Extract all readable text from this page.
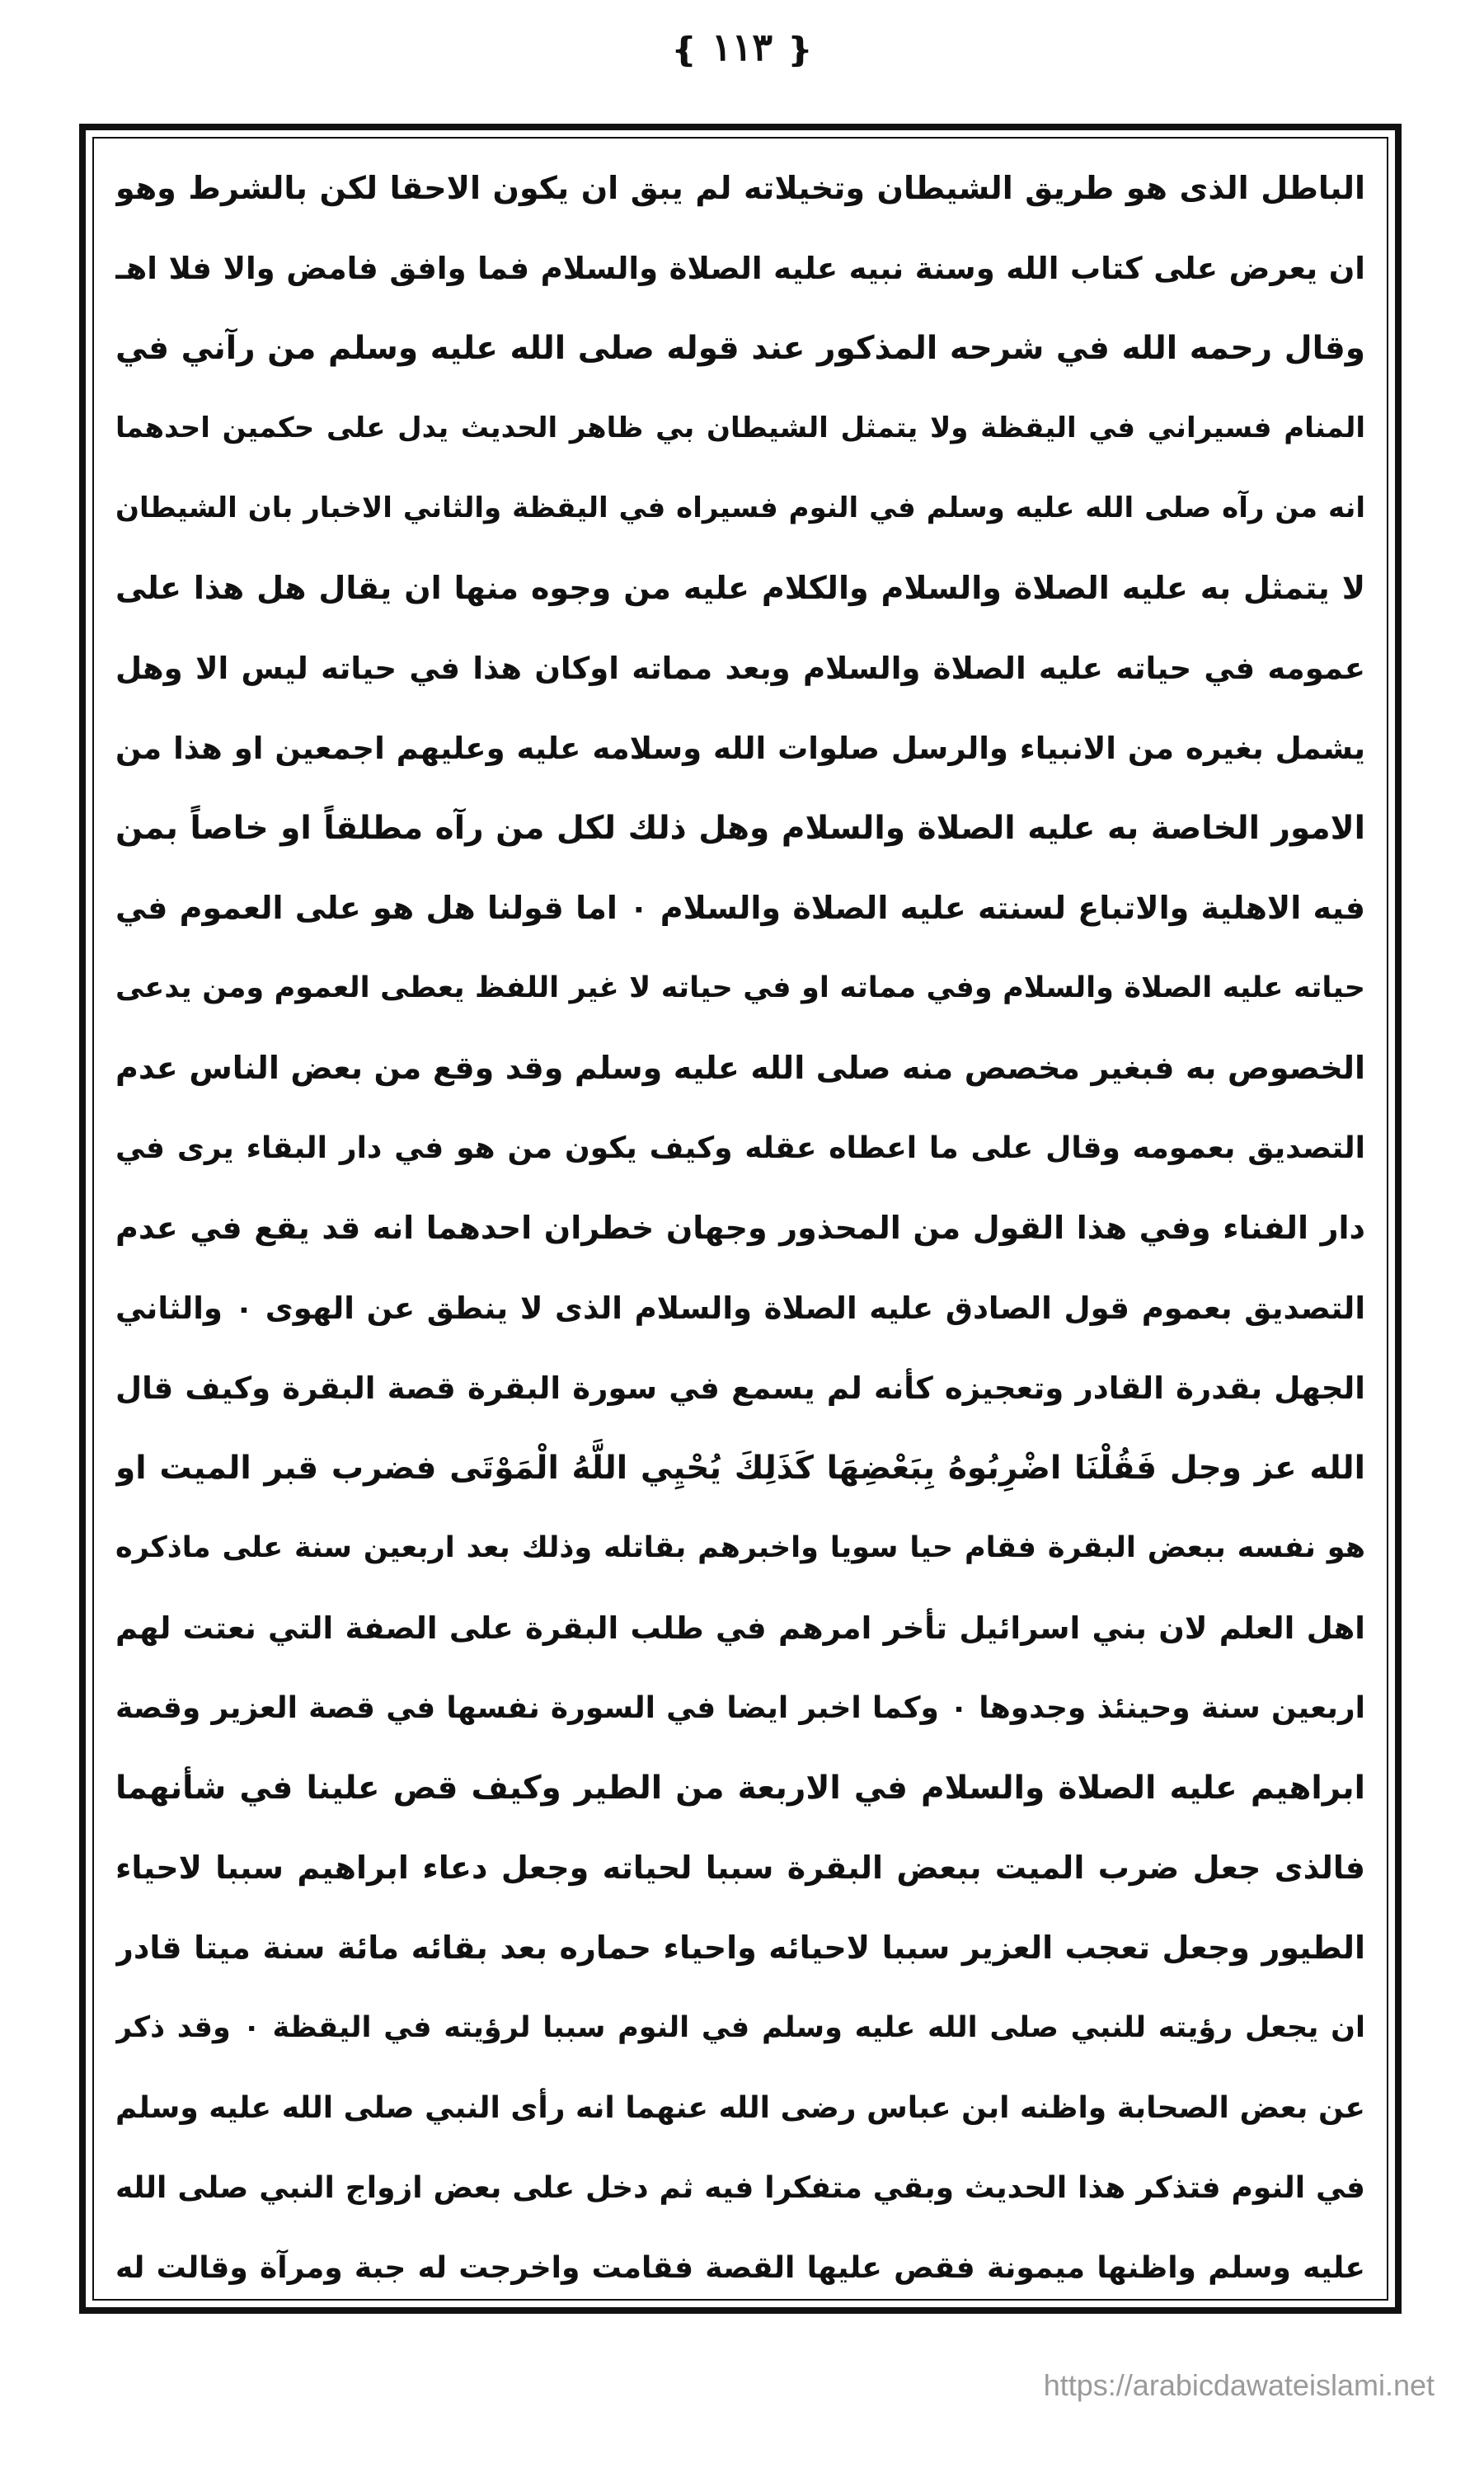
❴ ١١٣ ❵
الباطل الذى هو طريق الشيطان وتخيلاته لم يبق ان يكون الاحقا لكن بالشرط وهو
ان يعرض على كتاب الله وسنة نبيه عليه الصلاة والسلام فما وافق فامض والا فلا اهـ
وقال رحمه الله في شرحه المذكور عند قوله صلى الله عليه وسلم من رآني في
المنام فسيراني في اليقظة ولا يتمثل الشيطان بي ظاهر الحديث يدل على حكمين احدهما
انه من رآه صلى الله عليه وسلم في النوم فسيراه في اليقظة والثاني الاخبار بان الشيطان
لا يتمثل به عليه الصلاة والسلام والكلام عليه من وجوه منها ان يقال هل هذا على
عمومه في حياته عليه الصلاة والسلام وبعد مماته اوكان هذا في حياته ليس الا وهل
يشمل بغيره من الانبياء والرسل صلوات الله وسلامه عليه وعليهم اجمعين او هذا من
الامور الخاصة به عليه الصلاة والسلام وهل ذلك لكل من رآه مطلقاً او خاصاً بمن
فيه الاهلية والاتباع لسنته عليه الصلاة والسلام ٠ اما قولنا هل هو على العموم في
حياته عليه الصلاة والسلام وفي مماته او في حياته لا غير اللفظ يعطى العموم ومن يدعى
الخصوص به فبغير مخصص منه صلى الله عليه وسلم وقد وقع من بعض الناس عدم
التصديق بعمومه وقال على ما اعطاه عقله وكيف يكون من هو في دار البقاء يرى في
دار الفناء وفي هذا القول من المحذور وجهان خطران احدهما انه قد يقع في عدم
التصديق بعموم قول الصادق عليه الصلاة والسلام الذى لا ينطق عن الهوى ٠ والثاني
الجهل بقدرة القادر وتعجيزه كأنه لم يسمع في سورة البقرة قصة البقرة وكيف قال
الله عز وجل فَقُلْنَا اضْرِبُوهُ بِبَعْضِهَا كَذَلِكَ يُحْيِي اللَّهُ الْمَوْتَى فضرب قبر الميت او
هو نفسه ببعض البقرة فقام حيا سويا واخبرهم بقاتله وذلك بعد اربعين سنة على ماذكره
اهل العلم لان بني اسرائيل تأخر امرهم في طلب البقرة على الصفة التي نعتت لهم
اربعين سنة وحينئذ وجدوها ٠ وكما اخبر ايضا في السورة نفسها في قصة العزير وقصة
ابراهيم عليه الصلاة والسلام في الاربعة من الطير وكيف قص علينا في شأنهما
فالذى جعل ضرب الميت ببعض البقرة سببا لحياته وجعل دعاء ابراهيم سببا لاحياء
الطيور وجعل تعجب العزير سببا لاحيائه واحياء حماره بعد بقائه مائة سنة ميتا قادر
ان يجعل رؤيته للنبي صلى الله عليه وسلم في النوم سببا لرؤيته في اليقظة ٠ وقد ذكر
عن بعض الصحابة واظنه ابن عباس رضى الله عنهما انه رأى النبي صلى الله عليه وسلم
في النوم فتذكر هذا الحديث وبقي متفكرا فيه ثم دخل على بعض ازواج النبي صلى الله
عليه وسلم واظنها ميمونة فقص عليها القصة فقامت واخرجت له جبة ومرآة وقالت له
https://arabicdawateislami.net
